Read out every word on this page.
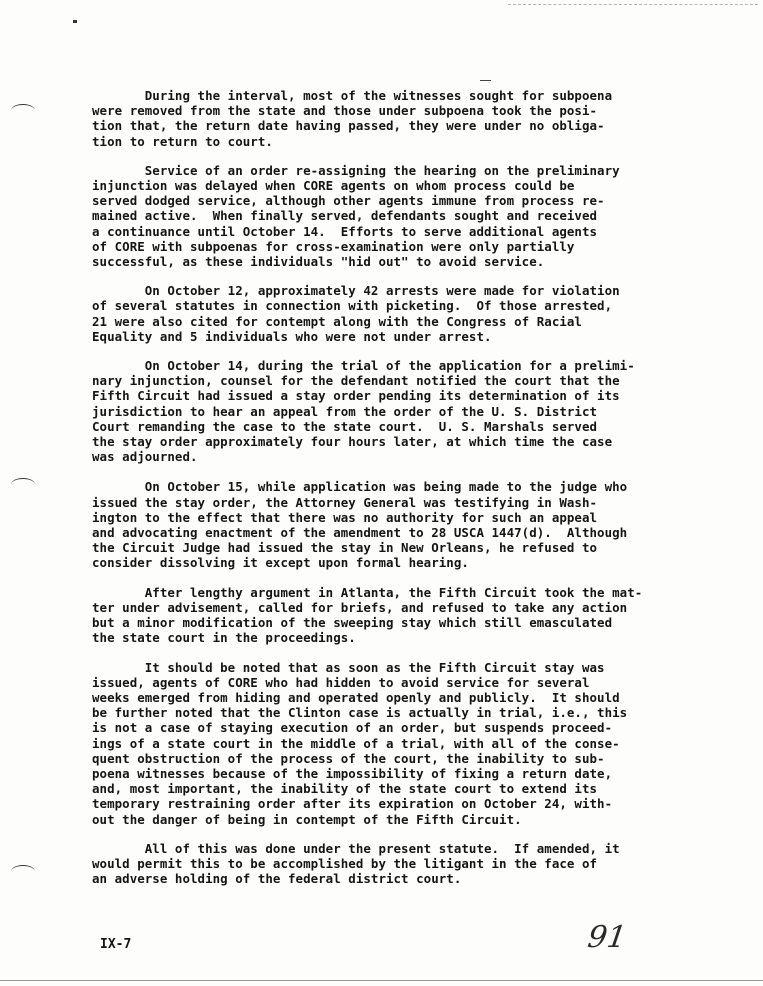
During the interval, most of the witnesses sought for subpoena
were removed from the state and those under subpoena took the posi-
tion that, the return date having passed, they were under no obliga-
tion to return to court.

Service of an order re-assigning the hearing on the preliminary
injunction was delayed when CORE agents on whom process could be
served dodged service, although other agents immune from process re-
mained active.  When finally served, defendants sought and received
a continuance until October 14.  Efforts to serve additional agents
of CORE with subpoenas for cross-examination were only partially
successful, as these individuals "hid out" to avoid service.

On October 12, approximately 42 arrests were made for violation
of several statutes in connection with picketing.  Of those arrested,
21 were also cited for contempt along with the Congress of Racial
Equality and 5 individuals who were not under arrest.

On October 14, during the trial of the application for a prelimi-
nary injunction, counsel for the defendant notified the court that the
Fifth Circuit had issued a stay order pending its determination of its
jurisdiction to hear an appeal from the order of the U. S. District
Court remanding the case to the state court.  U. S. Marshals served
the stay order approximately four hours later, at which time the case
was adjourned.

On October 15, while application was being made to the judge who
issued the stay order, the Attorney General was testifying in Wash-
ington to the effect that there was no authority for such an appeal
and advocating enactment of the amendment to 28 USCA 1447(d).  Although
the Circuit Judge had issued the stay in New Orleans, he refused to
consider dissolving it except upon formal hearing.

After lengthy argument in Atlanta, the Fifth Circuit took the mat-
ter under advisement, called for briefs, and refused to take any action
but a minor modification of the sweeping stay which still emasculated
the state court in the proceedings.

It should be noted that as soon as the Fifth Circuit stay was
issued, agents of CORE who had hidden to avoid service for several
weeks emerged from hiding and operated openly and publicly.  It should
be further noted that the Clinton case is actually in trial, i.e., this
is not a case of staying execution of an order, but suspends proceed-
ings of a state court in the middle of a trial, with all of the conse-
quent obstruction of the process of the court, the inability to sub-
poena witnesses because of the impossibility of fixing a return date,
and, most important, the inability of the state court to extend its
temporary restraining order after its expiration on October 24, with-
out the danger of being in contempt of the Fifth Circuit.

All of this was done under the present statute.  If amended, it
would permit this to be accomplished by the litigant in the face of
an adverse holding of the federal district court.

IX-7	91
